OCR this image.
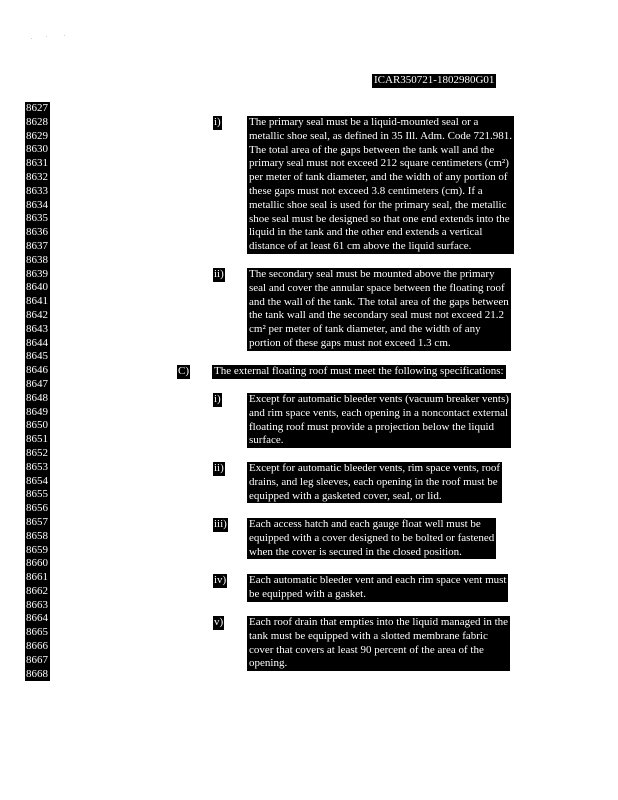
ICAR350721-1802980G01
8627
8628
8629
8630
8631
8632
8633
8634
8635
8636
8637
8638
8639
8640
8641
8642
8643
8644
8645
8646
8647
8648
8649
8650
8651
8652
8653
8654
8655
8656
8657
8658
8659
8660
8661
8662
8663
8664
8665
8666
8667
8668
i)	The primary seal must be a liquid-mounted seal or a
metallic shoe seal, as defined in 35 Ill. Adm. Code 721.981.
The total area of the gaps between the tank wall and the
primary seal must not exceed 212 square centimeters (cm²)
per meter of tank diameter, and the width of any portion of
these gaps must not exceed 3.8 centimeters (cm). If a
metallic shoe seal is used for the primary seal, the metallic
shoe seal must be designed so that one end extends into the
liquid in the tank and the other end extends a vertical
distance of at least 61 cm above the liquid surface.
ii) The secondary seal must be mounted above the primary
seal and cover the annular space between the floating roof
and the wall of the tank. The total area of the gaps between
the tank wall and the secondary seal must not exceed 21.2
cm² per meter of tank diameter, and the width of any
portion of these gaps must not exceed 1.3 cm.
C) The external floating roof must meet the following specifications:
i)	Except for automatic bleeder vents (vacuum breaker vents)
and rim space vents, each opening in a noncontact external
floating roof must provide a projection below the liquid
surface.
ii) Except for automatic bleeder vents, rim space vents, roof
drains, and leg sleeves, each opening in the roof must be
equipped with a gasketed cover, seal, or lid.
iii) Each access hatch and each gauge float well must be
equipped with a cover designed to be bolted or fastened
when the cover is secured in the closed position.
iv) Each automatic bleeder vent and each rim space vent must
be equipped with a gasket.
v) Each roof drain that empties into the liquid managed in the
tank must be equipped with a slotted membrane fabric
cover that covers at least 90 percent of the area of the
opening.
